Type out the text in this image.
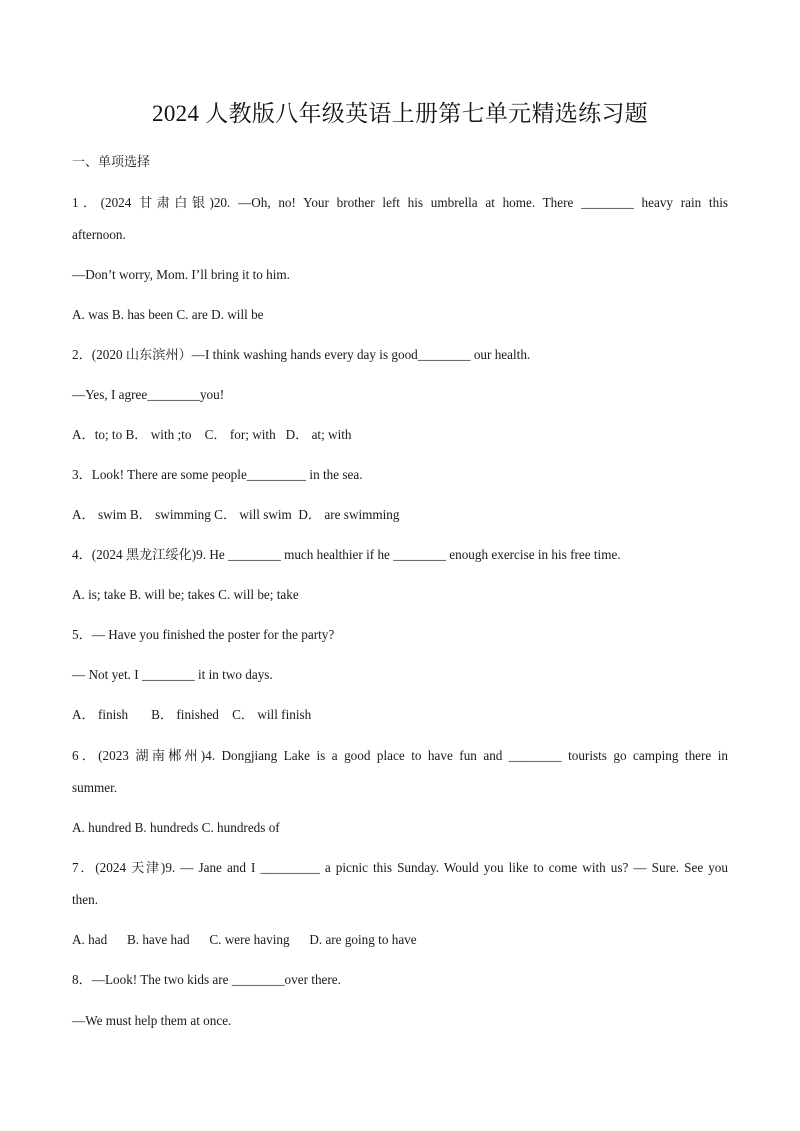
2024 人教版八年级英语上册第七单元精选练习题
一、单项选择
1．(2024 甘肃白银)20. —Oh, no! Your brother left his umbrella at home. There ________ heavy rain this
afternoon.
—Don’t worry, Mom. I’ll bring it to him.
A. was B. has been C. are D. will be
2．(2020 山东滨州）—I think washing hands every day is good________ our health.
—Yes, I agree________you!
A．to; to B． with ;to    C． for; with   D． at; with
3．Look! There are some people_________ in the sea.
A． swim B． swimming C． will swim  D． are swimming
4．(2024 黑龙江绥化)9. He ________ much healthier if he ________ enough exercise in his free time.
A. is; take B. will be; takes C. will be; take
5．— Have you finished the poster for the party?
— Not yet. I ________ it in two days.
A． finish       B． finished    C． will finish
6．(2023 湖南郴州)4. Dongjiang Lake is a good place to have fun and ________ tourists go camping there in
summer.
A. hundred B. hundreds C. hundreds of
7．(2024 天津)9. — Jane and I _________ a picnic this Sunday. Would you like to come with us? — Sure. See you
then.
A. had      B. have had      C. were having      D. are going to have
8．—Look! The two kids are ________over there.
—We must help them at once.
